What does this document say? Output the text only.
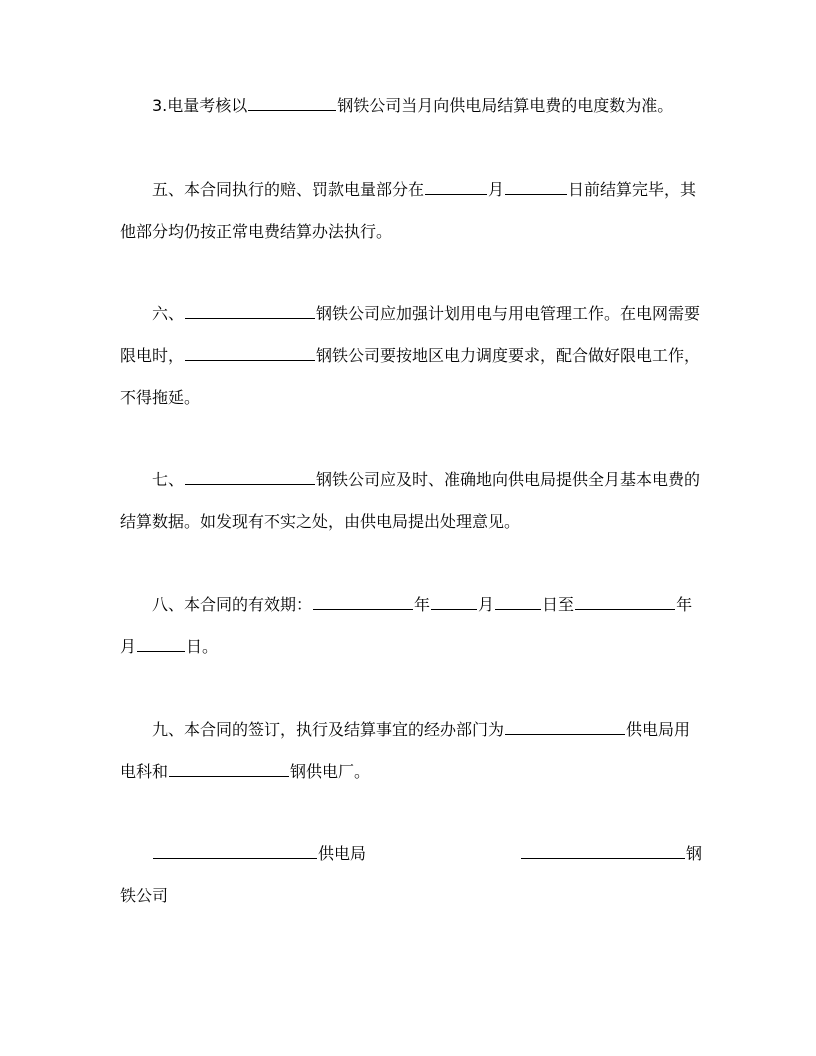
3.电量考核以	钢铁公司当月向供电局结算电费的电度数为准。
五、本合同执行的赔、罚款电量部分在	月	日前结算完毕，其
他部分均仍按正常电费结算办法执行。
六、	钢铁公司应加强计划用电与用电管理工作。在电网需要
限电时，	钢铁公司要按地区电力调度要求，配合做好限电工作，
不得拖延。
七、	钢铁公司应及时、准确地向供电局提供全月基本电费的
结算数据。如发现有不实之处，由供电局提出处理意见。
八、本合同的有效期：	年	月	日至	年
月	日。
九、本合同的签订，执行及结算事宜的经办部门为	供电局用
电科和	钢供电厂。
供电局	钢
铁公司
